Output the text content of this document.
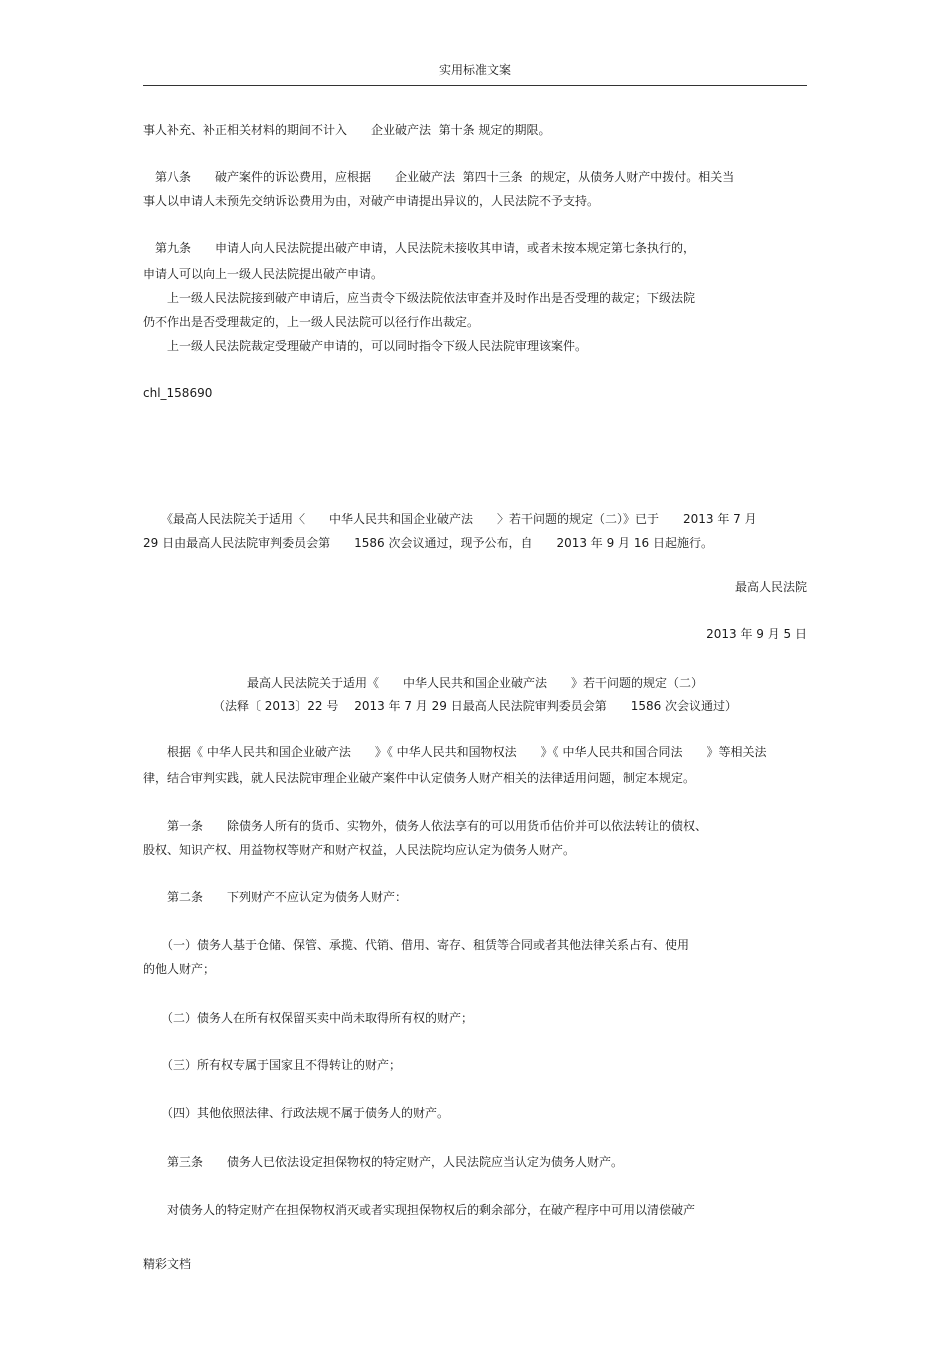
实用标准文案
事人补充、补正相关材料的期间不计入　　企业破产法  第十条 规定的期限。
　第八条　　破产案件的诉讼费用，应根据　　企业破产法  第四十三条  的规定，从债务人财产中拨付。相关当
事人以申请人未预先交纳诉讼费用为由，对破产申请提出异议的，人民法院不予支持。
　第九条　　申请人向人民法院提出破产申请，人民法院未接收其申请，或者未按本规定第七条执行的，
申请人可以向上一级人民法院提出破产申请。
　　上一级人民法院接到破产申请后，应当责令下级法院依法审查并及时作出是否受理的裁定；下级法院
仍不作出是否受理裁定的，上一级人民法院可以径行作出裁定。
　　上一级人民法院裁定受理破产申请的，可以同时指令下级人民法院审理该案件。
chl_158690
　　《最高人民法院关于适用〈　　中华人民共和国企业破产法　　〉若干问题的规定（二）》已于　　2013 年 7 月
29 日由最高人民法院审判委员会第　　1586 次会议通过，现予公布，自　　2013 年 9 月 16 日起施行。
最高人民法院
2013 年 9 月 5 日
最高人民法院关于适用《　　中华人民共和国企业破产法　　》若干问题的规定（二）
（法释〔 2013〕22 号　 2013 年 7 月 29 日最高人民法院审判委员会第　　1586 次会议通过）
　　根据《 中华人民共和国企业破产法　　》《 中华人民共和国物权法　　》《 中华人民共和国合同法　　》等相关法
律，结合审判实践，就人民法院审理企业破产案件中认定债务人财产相关的法律适用问题，制定本规定。
　　第一条　　除债务人所有的货币、实物外，债务人依法享有的可以用货币估价并可以依法转让的债权、
股权、知识产权、用益物权等财产和财产权益，人民法院均应认定为债务人财产。
　　第二条　　下列财产不应认定为债务人财产：
　　（一）债务人基于仓储、保管、承揽、代销、借用、寄存、租赁等合同或者其他法律关系占有、使用
的他人财产；
　　（二）债务人在所有权保留买卖中尚未取得所有权的财产；
　　（三）所有权专属于国家且不得转让的财产；
　　（四）其他依照法律、行政法规不属于债务人的财产。
　　第三条　　债务人已依法设定担保物权的特定财产，人民法院应当认定为债务人财产。
　　对债务人的特定财产在担保物权消灭或者实现担保物权后的剩余部分，在破产程序中可用以清偿破产
精彩文档
